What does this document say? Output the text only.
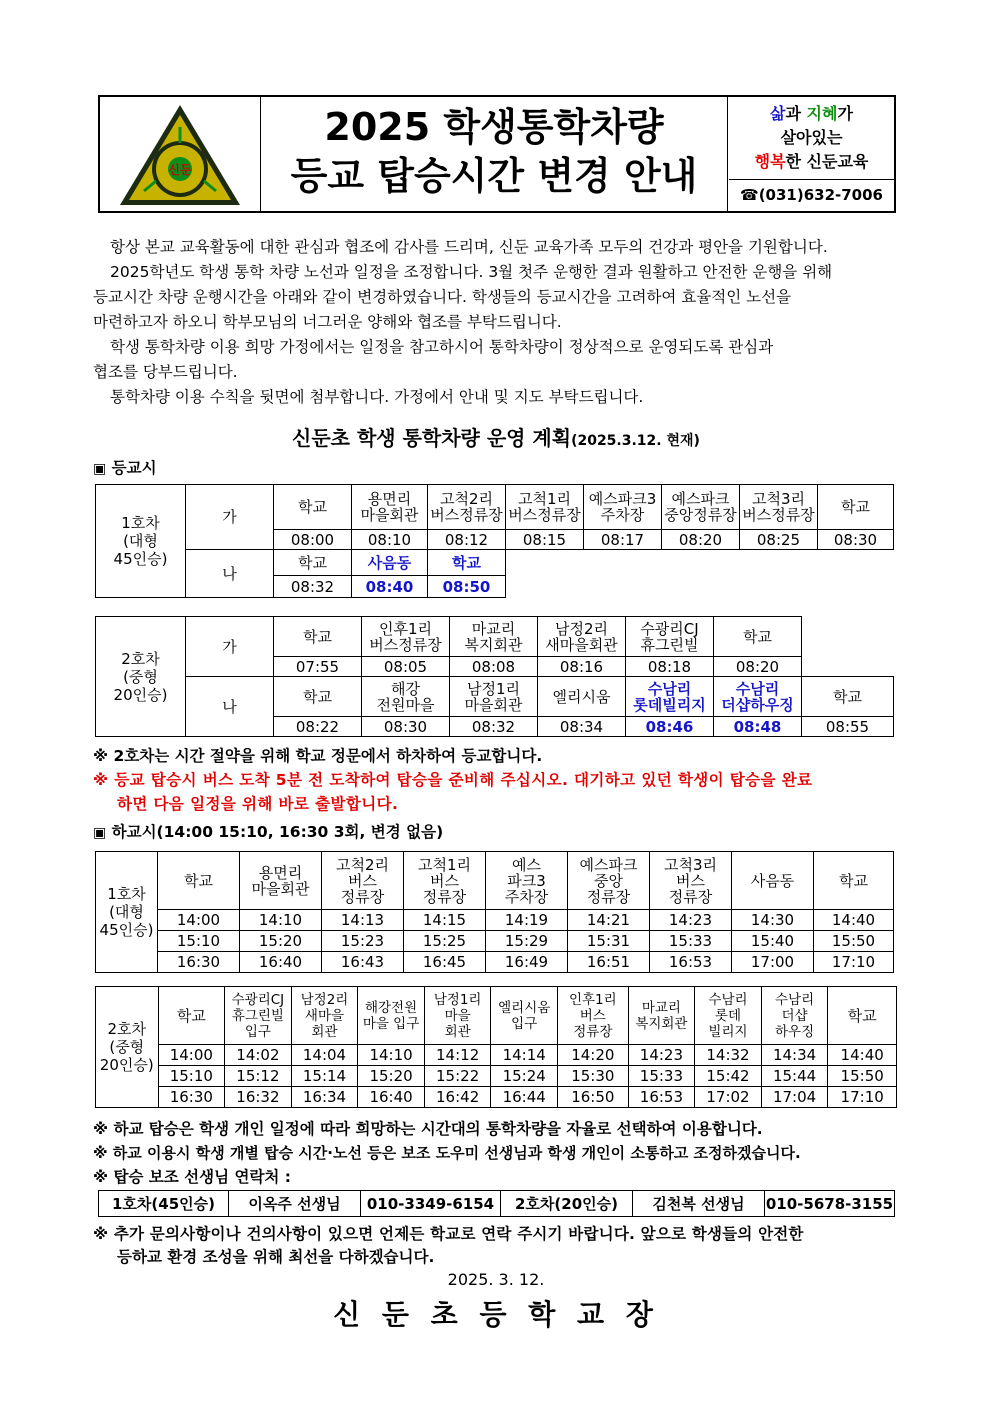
신둔
2025 학생통학차량
등교 탑승시간 변경 안내
삶과 지혜가
살아있는
행복한 신둔교육
☎(031)632-7006
항상 본교 교육활동에 대한 관심과 협조에 감사를 드리며, 신둔 교육가족 모두의 건강과 평안을 기원합니다.
2025학년도 학생 통학 차량 노선과 일정을 조정합니다. 3월 첫주 운행한 결과 원활하고 안전한 운행을 위해
등교시간 차량 운행시간을 아래와 같이 변경하였습니다. 학생들의 등교시간을 고려하여 효율적인 노선을
마련하고자 하오니 학부모님의 너그러운 양해와 협조를 부탁드립니다.
학생 통학차량 이용 희망 가정에서는 일정을 참고하시어 통학차량이 정상적으로 운영되도록 관심과
협조를 당부드립니다.
통학차량 이용 수칙을 뒷면에 첨부합니다. 가정에서 안내 및 지도 부탁드립니다.
신둔초 학생 통학차량 운영 계획(2025.3.12. 현재)
▣ 등교시
1호차
(대형
45인승)	가	학교	용면리
마을회관	고척2리
버스정류장	고척1리
버스정류장	예스파크3
주차장	예스파크
중앙정류장	고척3리
버스정류장	학교
		08:00	08:10	08:12	08:15	08:17	08:20	08:25	08:30
	나	학교	사음동	학교					
		08:32	08:40	08:50					
2호차
(중형
20인승)	가	학교	인후1리
버스정류장	마교리
복지회관	남정2리
새마을회관	수광리CJ
휴그린빌	학교	
		07:55	08:05	08:08	08:16	08:18	08:20	
	나	학교	해강
전원마을	남정1리
마을회관	엘리시움	수남리
롯데빌리지	수남리
더샵하우징	학교
		08:22	08:30	08:32	08:34	08:46	08:48	08:55
※ 2호차는 시간 절약을 위해 학교 정문에서 하차하여 등교합니다.
※ 등교 탑승시 버스 도착 5분 전 도착하여 탑승을 준비해 주십시오. 대기하고 있던 학생이 탑승을 완료
하면 다음 일정을 위해 바로 출발합니다.
▣ 하교시(14:00 15:10, 16:30 3회, 변경 없음)
1호차
(대형
45인승)	학교	용면리
마을회관	고척2리
버스
정류장	고척1리
버스
정류장	예스
파크3
주차장	예스파크
중앙
정류장	고척3리
버스
정류장	사음동	학교
	14:00	14:10	14:13	14:15	14:19	14:21	14:23	14:30	14:40
	15:10	15:20	15:23	15:25	15:29	15:31	15:33	15:40	15:50
	16:30	16:40	16:43	16:45	16:49	16:51	16:53	17:00	17:10
2호차
(중형
20인승)	학교	수광리CJ
휴그린빌
입구	남정2리
새마을
회관	해강전원
마을 입구	남정1리
마을
회관	엘리시움
입구	인후1리
버스
정류장	마교리
복지회관	수남리
롯데
빌리지	수남리
더샵
하우징	학교
	14:00	14:02	14:04	14:10	14:12	14:14	14:20	14:23	14:32	14:34	14:40
	15:10	15:12	15:14	15:20	15:22	15:24	15:30	15:33	15:42	15:44	15:50
	16:30	16:32	16:34	16:40	16:42	16:44	16:50	16:53	17:02	17:04	17:10
※ 하교 탑승은 학생 개인 일정에 따라 희망하는 시간대의 통학차량을 자율로 선택하여 이용합니다.
※ 하교 이용시 학생 개별 탑승 시간·노선 등은 보조 도우미 선생님과 학생 개인이 소통하고 조정하겠습니다.
※ 탑승 보조 선생님 연락처 :
1호차(45인승)	이옥주 선생님	010-3349-6154	2호차(20인승)	김천복 선생님	010-5678-3155
※ 추가 문의사항이나 건의사항이 있으면 언제든 학교로 연락 주시기 바랍니다. 앞으로 학생들의 안전한
등하교 환경 조성을 위해 최선을 다하겠습니다.
2025. 3. 12.
신 둔 초 등 학 교 장
